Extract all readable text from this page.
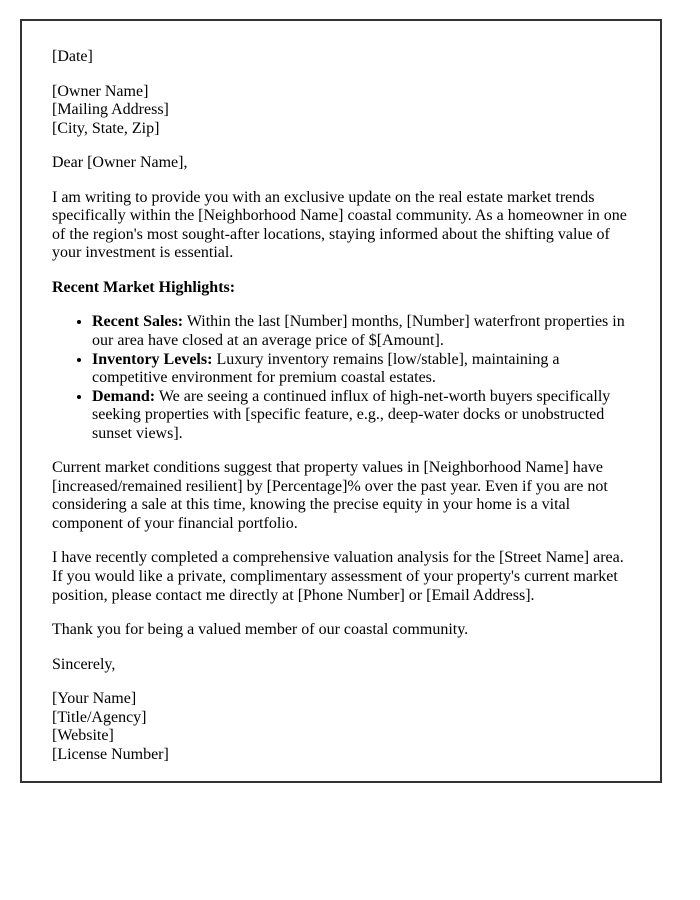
[Date]

[Owner Name]
[Mailing Address]
[City, State, Zip]

Dear [Owner Name],

I am writing to provide you with an exclusive update on the real estate market trends specifically within the [Neighborhood Name] coastal community. As a homeowner in one of the region's most sought-after locations, staying informed about the shifting value of your investment is essential.

Recent Market Highlights:

• Recent Sales: Within the last [Number] months, [Number] waterfront properties in our area have closed at an average price of $[Amount].
• Inventory Levels: Luxury inventory remains [low/stable], maintaining a competitive environment for premium coastal estates.
• Demand: We are seeing a continued influx of high-net-worth buyers specifically seeking properties with [specific feature, e.g., deep-water docks or unobstructed sunset views].

Current market conditions suggest that property values in [Neighborhood Name] have [increased/remained resilient] by [Percentage]% over the past year. Even if you are not considering a sale at this time, knowing the precise equity in your home is a vital component of your financial portfolio.

I have recently completed a comprehensive valuation analysis for the [Street Name] area. If you would like a private, complimentary assessment of your property's current market position, please contact me directly at [Phone Number] or [Email Address].

Thank you for being a valued member of our coastal community.

Sincerely,

[Your Name]
[Title/Agency]
[Website]
[License Number]
